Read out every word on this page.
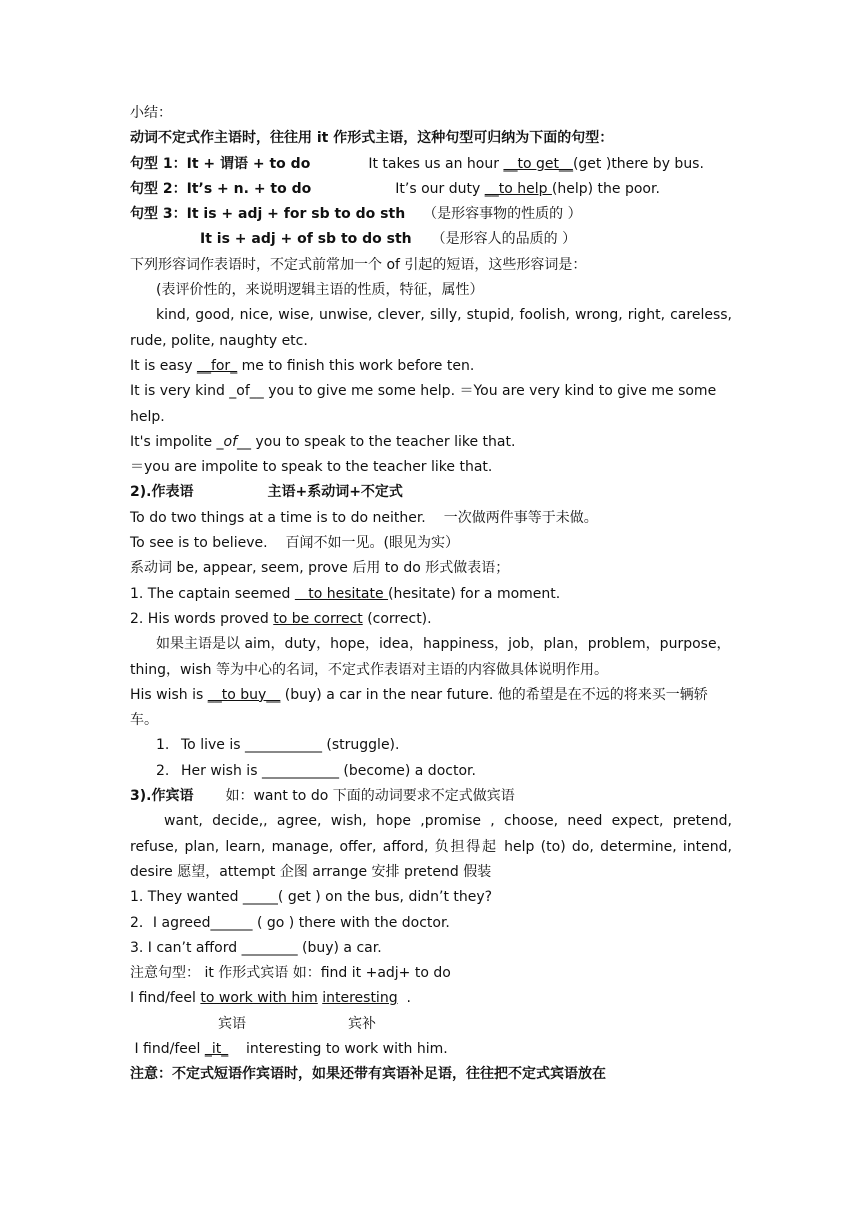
小结：
动词不定式作主语时，往往用 it 作形式主语，这种句型可归纳为下面的句型：
句型 1：It + 谓语 + to do	It takes us an hour __to get__(get )there by bus.
句型 2：It’s + n. + to do	It’s our duty __to help (help) the poor.
句型 3：It is + adj + for sb to do sth （是形容事物的性质的 ）
It is + adj + of sb to do sth （是形容人的品质的 ）
下列形容词作表语时，不定式前常加一个 of 引起的短语，这些形容词是：
(表评价性的，来说明逻辑主语的性质，特征，属性）
kind, good, nice, wise, unwise, clever, silly, stupid, foolish, wrong, right, careless, rude, polite, naughty etc.
It is easy __for_ me to finish this work before ten.
It is very kind _of__ you to give me some help. ＝You are very kind to give me some help.
It's impolite _of__ you to speak to the teacher like that.
＝you are impolite to speak to the teacher like that.
2).作表语	主语+系动词+不定式
To do two things at a time is to do neither. 一次做两件事等于未做。
To see is to believe. 百闻不如一见。(眼见为实）
系动词 be, appear, seem, prove 后用 to do 形式做表语；
1. The captain seemed    to hesitate (hesitate) for a moment.
2. His words proved to be correct (correct).
如果主语是以 aim，duty，hope，idea，happiness，job，plan，problem，purpose，thing，wish 等为中心的名词，不定式作表语对主语的内容做具体说明作用。
His wish is __to buy__ (buy) a car in the near future. 他的希望是在不远的将来买一辆轿车。
1. To live is ___________ (struggle).
2. Her wish is ___________ (become) a doctor.
3).作宾语 如：want to do 下面的动词要求不定式做宾语
want, decide,, agree, wish, hope ,promise , choose, need expect, pretend, refuse, plan, learn, manage, offer, afford, 负担得起 help (to) do, determine, intend, desire 愿望，attempt 企图 arrange 安排 pretend 假装
1. They wanted _____( get ) on the bus, didn’t they?
2．I agreed______ ( go ) there with the doctor.
3. I can’t afford ________ (buy) a car.
注意句型： it 作形式宾语 如：find it +adj+ to do
I find/feel to work with him interesting  .
宾语	宾补
I find/feel _it_    interesting to work with him.
注意：不定式短语作宾语时，如果还带有宾语补足语，往往把不定式宾语放在
